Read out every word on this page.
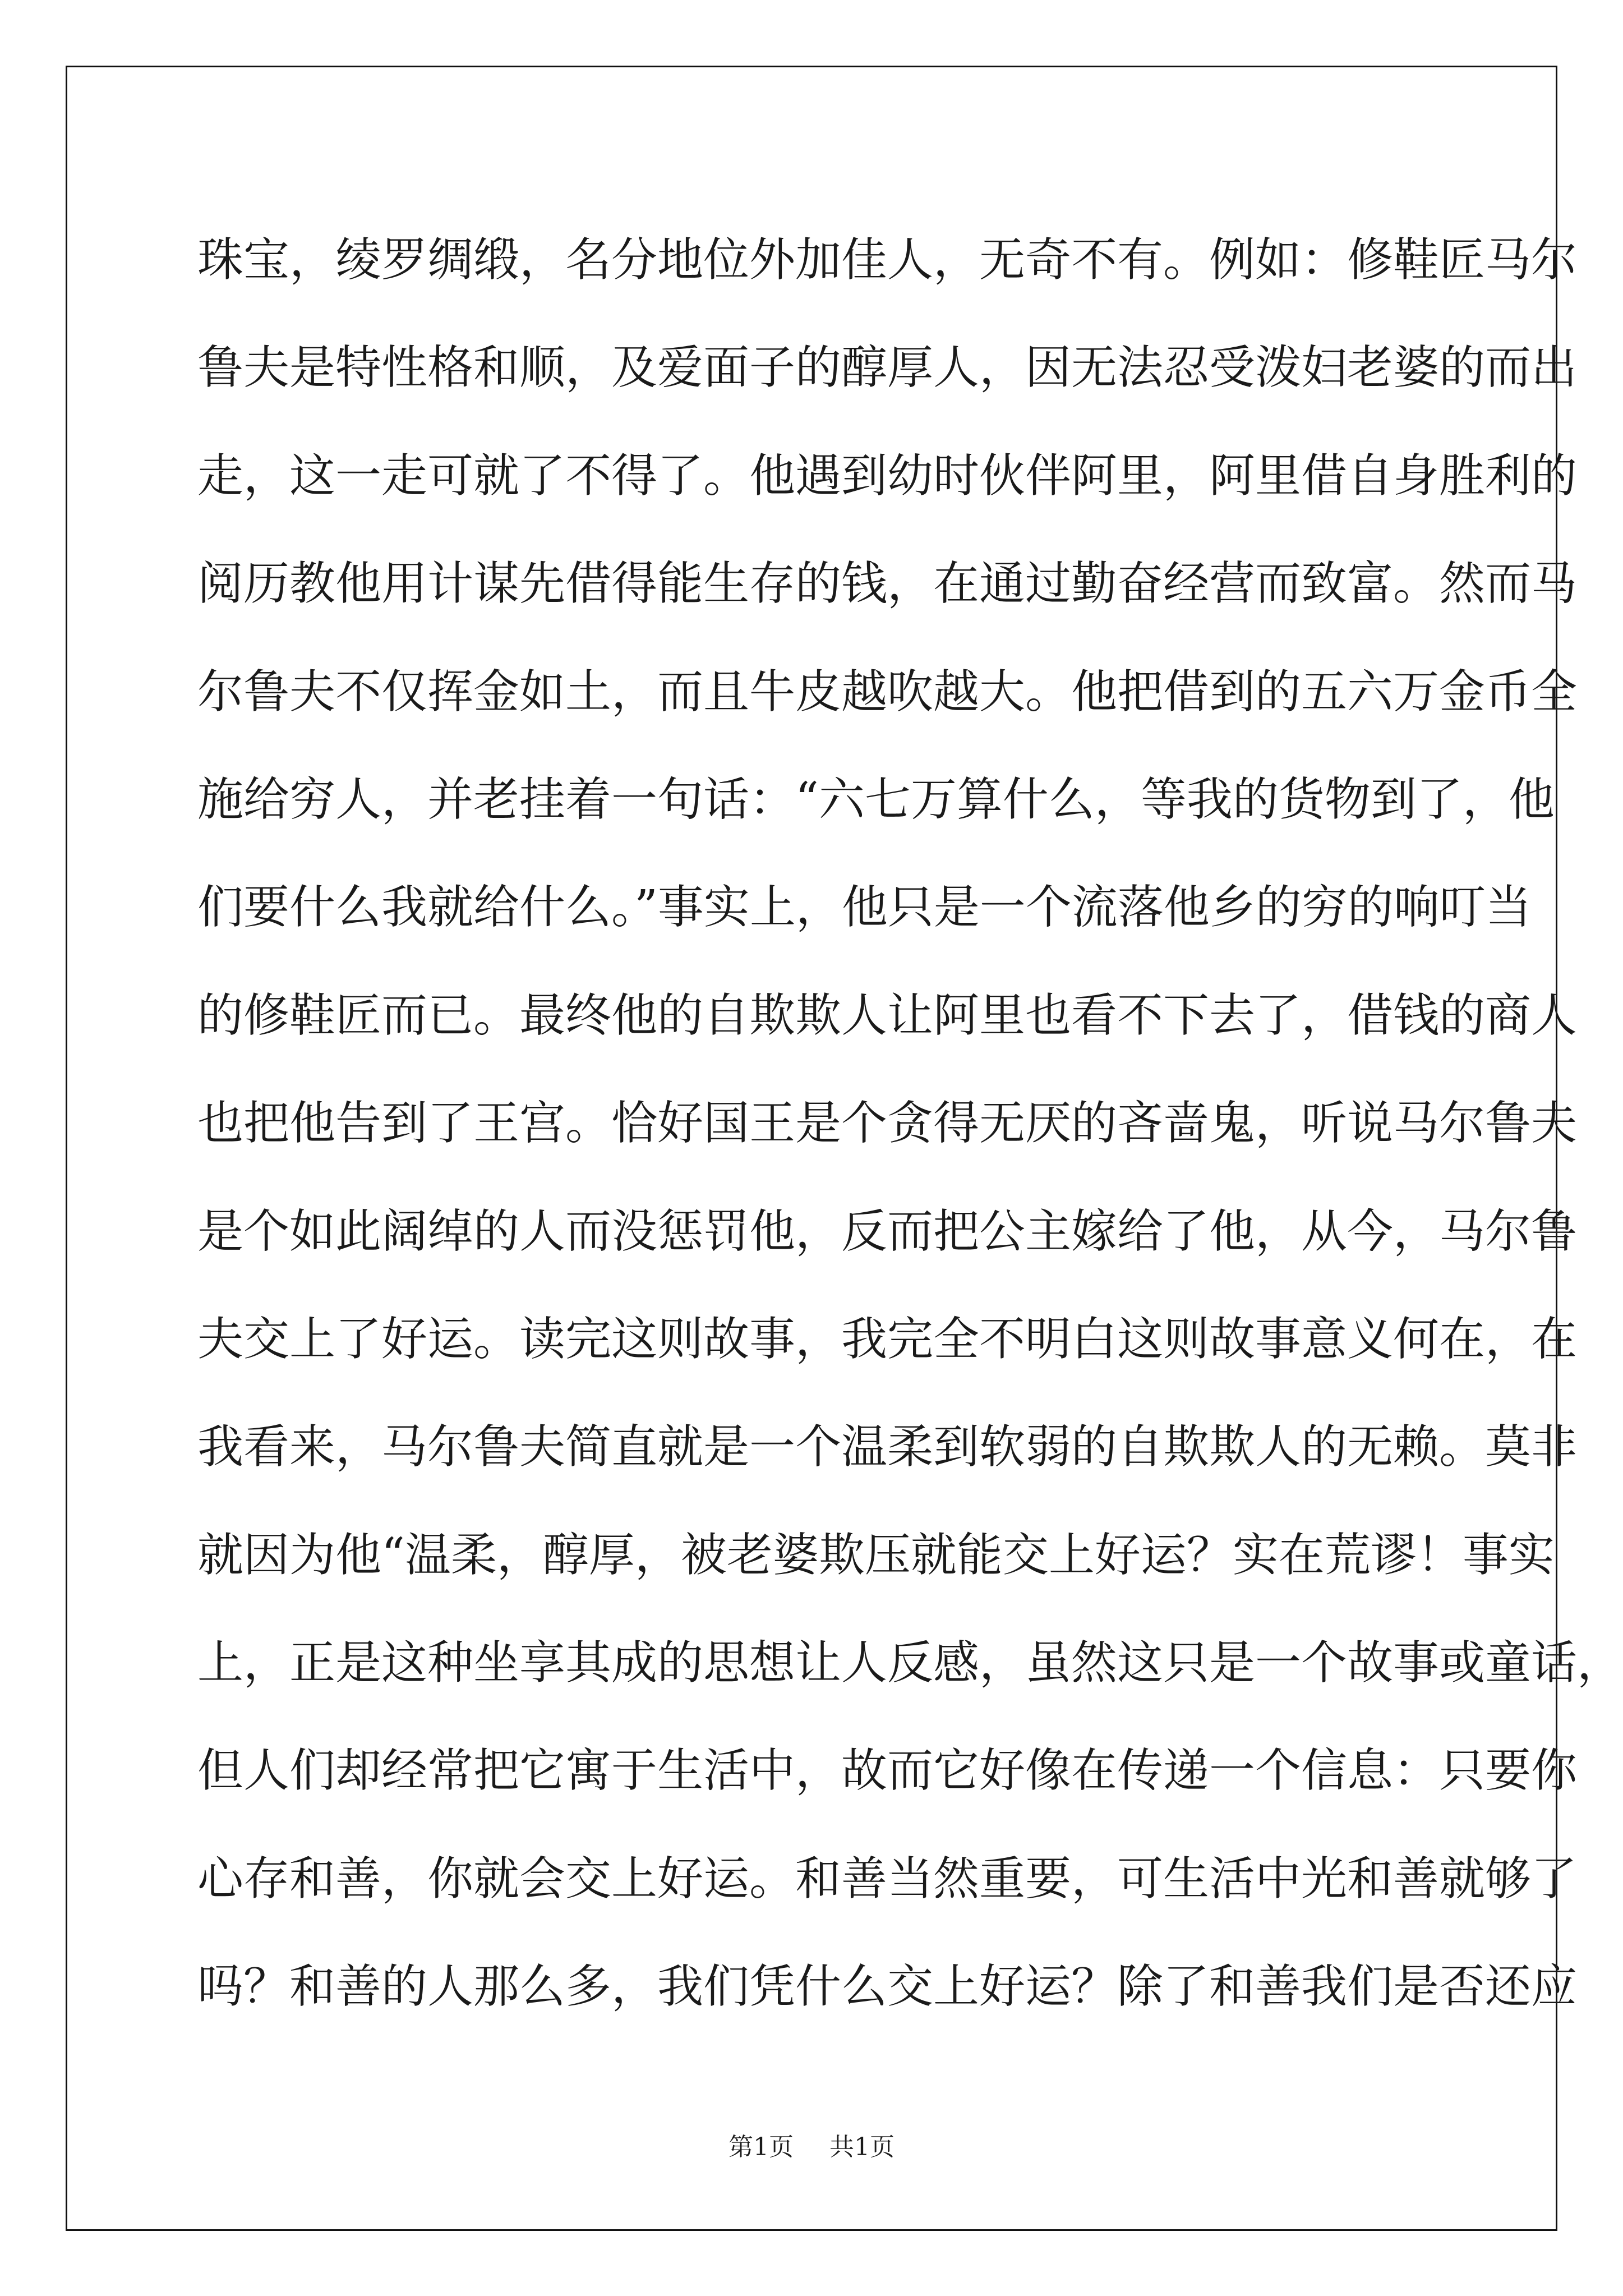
珠宝，绫罗绸缎，名分地位外加佳人，无奇不有。例如：修鞋匠马尔
鲁夫是特性格和顺，及爱面子的醇厚人，因无法忍受泼妇老婆的而出
走，这一走可就了不得了。他遇到幼时伙伴阿里，阿里借自身胜利的
阅历教他用计谋先借得能生存的钱，在通过勤奋经营而致富。然而马
尔鲁夫不仅挥金如土，而且牛皮越吹越大。他把借到的五六万金币全
施给穷人，并老挂着一句话：“六七万算什么，等我的货物到了，他
们要什么我就给什么。”事实上，他只是一个流落他乡的穷的响叮当
的修鞋匠而已。最终他的自欺欺人让阿里也看不下去了，借钱的商人
也把他告到了王宫。恰好国王是个贪得无厌的吝啬鬼，听说马尔鲁夫
是个如此阔绰的人而没惩罚他，反而把公主嫁给了他，从今，马尔鲁
夫交上了好运。读完这则故事，我完全不明白这则故事意义何在，在
我看来，马尔鲁夫简直就是一个温柔到软弱的自欺欺人的无赖。莫非
就因为他“温柔，醇厚，被老婆欺压就能交上好运？实在荒谬！事实
上，正是这种坐享其成的思想让人反感，虽然这只是一个故事或童话，
但人们却经常把它寓于生活中，故而它好像在传递一个信息：只要你
心存和善，你就会交上好运。和善当然重要，可生活中光和善就够了
吗？和善的人那么多，我们凭什么交上好运？除了和善我们是否还应
第1页 共1页
